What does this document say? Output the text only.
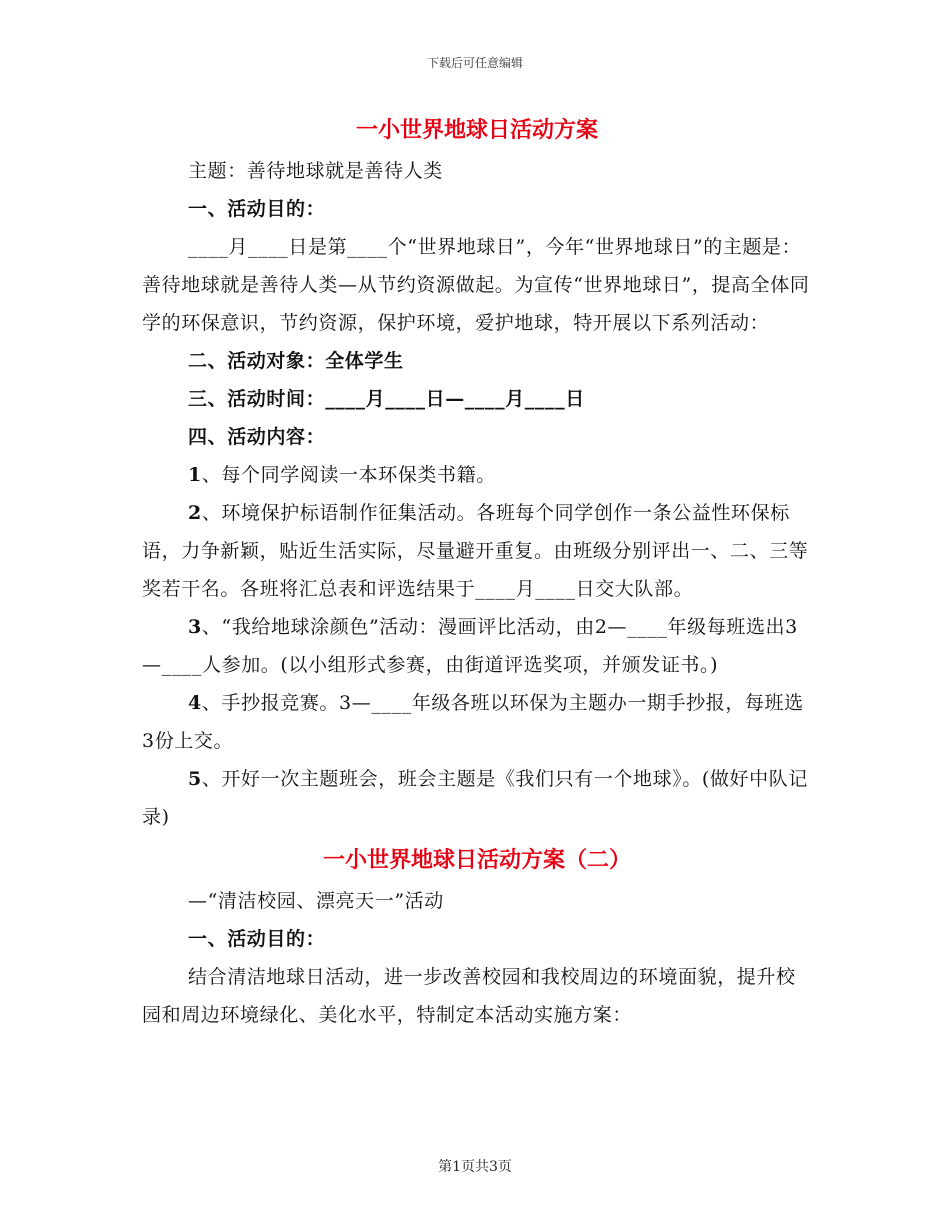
下载后可任意编辑
一小世界地球日活动方案

主题：善待地球就是善待人类

一、活动目的：

____月____日是第____个“世界地球日”，今年“世界地球日”的主题是：善待地球就是善待人类—从节约资源做起。为宣传“世界地球日”，提高全体同学的环保意识，节约资源，保护环境，爱护地球，特开展以下系列活动：

二、活动对象：全体学生

三、活动时间：____月____日—____月____日

四、活动内容：

1、每个同学阅读一本环保类书籍。

2、环境保护标语制作征集活动。各班每个同学创作一条公益性环保标语，力争新颖，贴近生活实际，尽量避开重复。由班级分别评出一、二、三等奖若干名。各班将汇总表和评选结果于____月____日交大队部。

3、“我给地球涂颜色”活动：漫画评比活动，由2—____年级每班选出3—____人参加。(以小组形式参赛，由街道评选奖项，并颁发证书。)

4、手抄报竞赛。3—____年级各班以环保为主题办一期手抄报，每班选3份上交。

5、开好一次主题班会，班会主题是《我们只有一个地球》。(做好中队记录)

一小世界地球日活动方案（二）

—“清洁校园、漂亮天一”活动

一、活动目的：

结合清洁地球日活动，进一步改善校园和我校周边的环境面貌，提升校园和周边环境绿化、美化水平，特制定本活动实施方案：

第1页共3页
